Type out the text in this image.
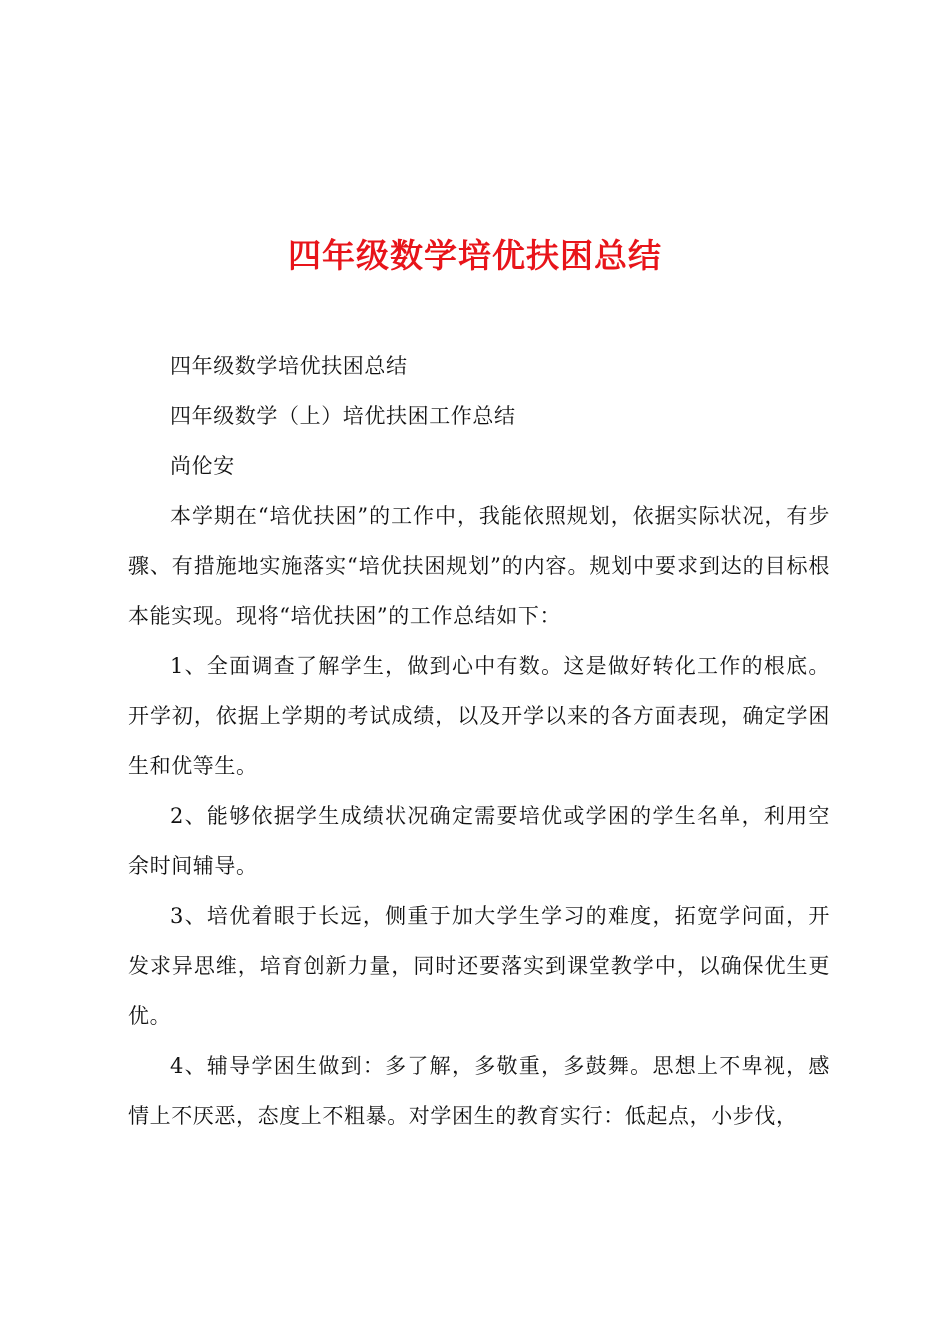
四年级数学培优扶困总结

四年级数学培优扶困总结

四年级数学（上）培优扶困工作总结

尚伦安

本学期在“培优扶困”的工作中，我能依照规划，依据实际状况，有步骤、有措施地实施落实“培优扶困规划”的内容。规划中要求到达的目标根本能实现。现将“培优扶困”的工作总结如下：

1、全面调查了解学生，做到心中有数。这是做好转化工作的根底。开学初，依据上学期的考试成绩，以及开学以来的各方面表现，确定学困生和优等生。

2、能够依据学生成绩状况确定需要培优或学困的学生名单，利用空余时间辅导。

3、培优着眼于长远，侧重于加大学生学习的难度，拓宽学问面，开发求异思维，培育创新力量，同时还要落实到课堂教学中，以确保优生更优。

4、辅导学困生做到：多了解，多敬重，多鼓舞。思想上不卑视，感情上不厌恶，态度上不粗暴。对学困生的教育实行：低起点，小步伐，
